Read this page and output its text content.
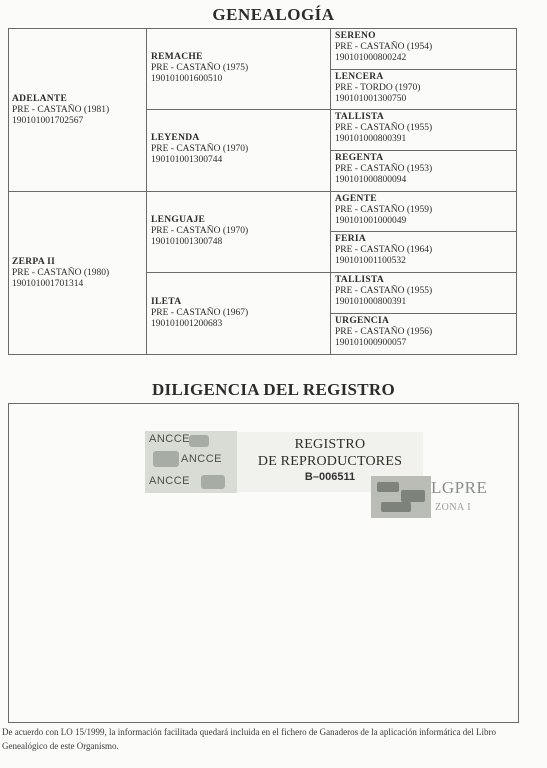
GENEALOGÍA
ADELANTE
PRE - CASTAÑO (1981)
190101001702567
ZERPA II
PRE - CASTAÑO (1980)
190101001701314
REMACHE
PRE - CASTAÑO (1975)
190101001600510
LEYENDA
PRE - CASTAÑO (1970)
190101001300744
LENGUAJE
PRE - CASTAÑO (1970)
190101001300748
ILETA
PRE - CASTAÑO (1967)
190101001200683
SERENO
PRE - CASTAÑO (1954)
190101000800242
LENCERA
PRE - TORDO (1970)
190101001300750
TALLISTA
PRE - CASTAÑO (1955)
190101000800391
REGENTA
PRE - CASTAÑO (1953)
190101000800094
AGENTE
PRE - CASTAÑO (1959)
190101001000049
FERIA
PRE - CASTAÑO (1964)
190101001100532
TALLISTA
PRE - CASTAÑO (1955)
190101000800391
URGENCIA
PRE - CASTAÑO (1956)
190101000900057
DILIGENCIA DEL REGISTRO
ANCCE
ANCCE
ANCCE
REGISTRO
DE REPRODUCTORES
B–006511
LGPRE
ZONA I
De acuerdo con LO 15/1999, la información facilitada quedará incluida en el fichero de Ganaderos de la aplicación informática del Libro Genealógico de este Organismo.
